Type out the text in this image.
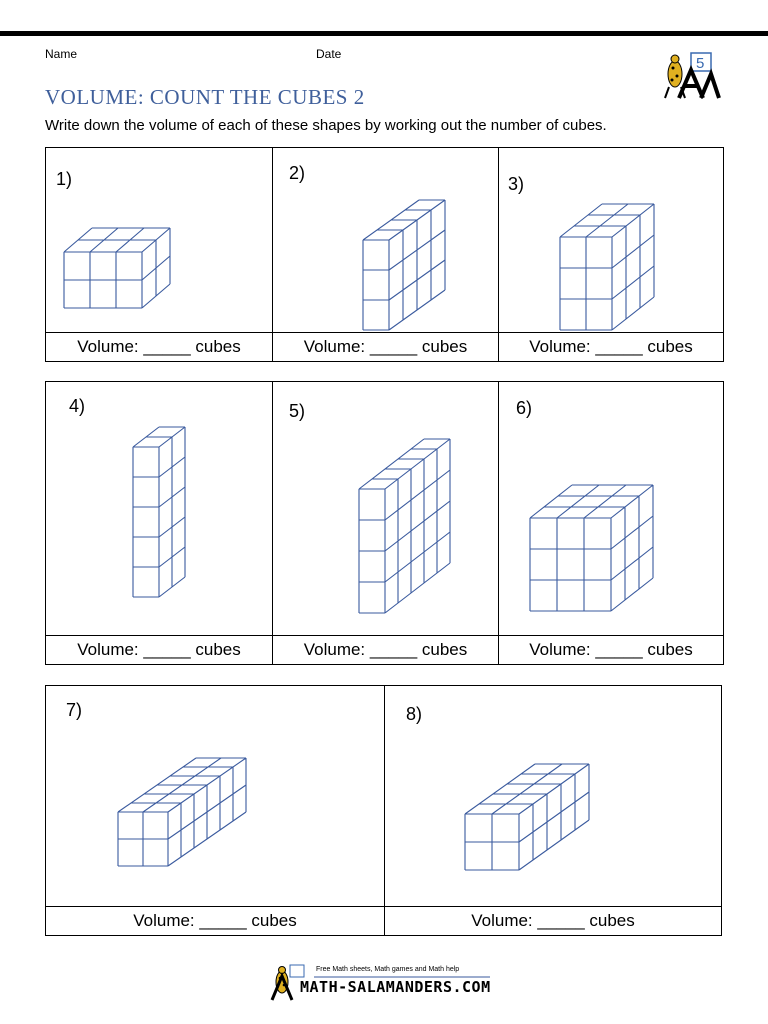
Name	Date
5
VOLUME: COUNT THE CUBES 2
Write down the volume of each of these shapes by working out the number of cubes.
1)
Volume: _____ cubes
2)
Volume: _____ cubes
3)
Volume: _____ cubes
4)
Volume: _____ cubes
5)
Volume: _____ cubes
6)
Volume: _____ cubes
7)
Volume: _____ cubes
8)
Volume: _____ cubes
Free Math sheets, Math games and Math help
MATH-SALAMANDERS.COM
